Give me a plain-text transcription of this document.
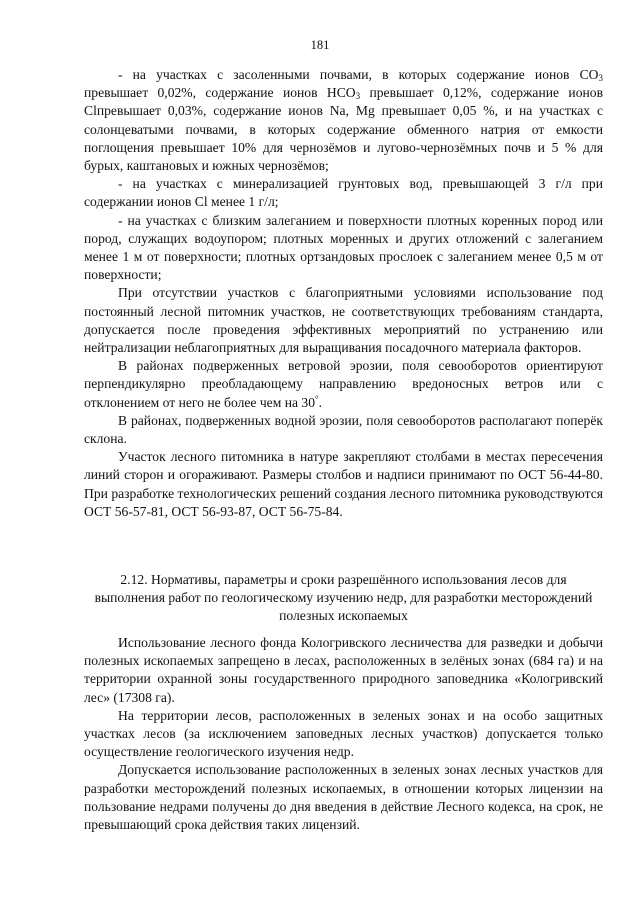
181

- на участках с засоленными почвами, в которых содержание ионов $CO_3$ превышает 0,02%, содержание ионов $HCO_3$ превышает 0,12%, содержание ионов Clпревышает 0,03%, содержание ионов Na, Mg превышает 0,05 %, и на участках с солонцеватыми почвами, в которых содержание обменного натрия от емкости поглощения превышает 10% для чернозёмов и лугово-чернозёмных почв и 5 % для бурых, каштановых и южных чернозёмов;

- на участках с минерализацией грунтовых вод, превышающей 3 г/л при содержании ионов Cl менее 1 г/л;

- на участках с близким залеганием и поверхности плотных коренных пород или пород, служащих водоупором; плотных моренных и других отложений с залеганием менее 1 м от поверхности; плотных ортзандовых прослоек с залеганием менее 0,5 м от поверхности;

При отсутствии участков с благоприятными условиями использование под постоянный лесной питомник участков, не соответствующих требованиям стандарта, допускается после проведения эффективных мероприятий по устранению или нейтрализации неблагоприятных для выращивания посадочного материала факторов.

В районах подверженных ветровой эрозии, поля севооборотов ориентируют перпендикулярно преобладающему направлению вредоносных ветров или с отклонением от него не более чем на 30°.

В районах, подверженных водной эрозии, поля севооборотов располагают поперёк склона.

Участок лесного питомника в натуре закрепляют столбами в местах пересечения линий сторон и огораживают. Размеры столбов и надписи принимают по ОСТ 56-44-80. При разработке технологических решений создания лесного питомника руководствуются ОСТ 56-57-81, ОСТ 56-93-87, ОСТ 56-75-84.

2.12. Нормативы, параметры и сроки разрешённого использования лесов для выполнения работ по геологическому изучению недр, для разработки месторождений полезных ископаемых

Использование лесного фонда Кологривского лесничества для разведки и добычи полезных ископаемых запрещено в лесах, расположенных в зелёных зонах (684 га) и на территории охранной зоны государственного природного заповедника «Кологривский лес» (17308 га).

На территории лесов, расположенных в зеленых зонах и на особо защитных участках лесов (за исключением заповедных лесных участков) допускается только осуществление геологического изучения недр.

Допускается использование расположенных в зеленых зонах лесных участков для разработки месторождений полезных ископаемых, в отношении которых лицензии на пользование недрами получены до дня введения в действие Лесного кодекса, на срок, не превышающий срока действия таких лицензий.
